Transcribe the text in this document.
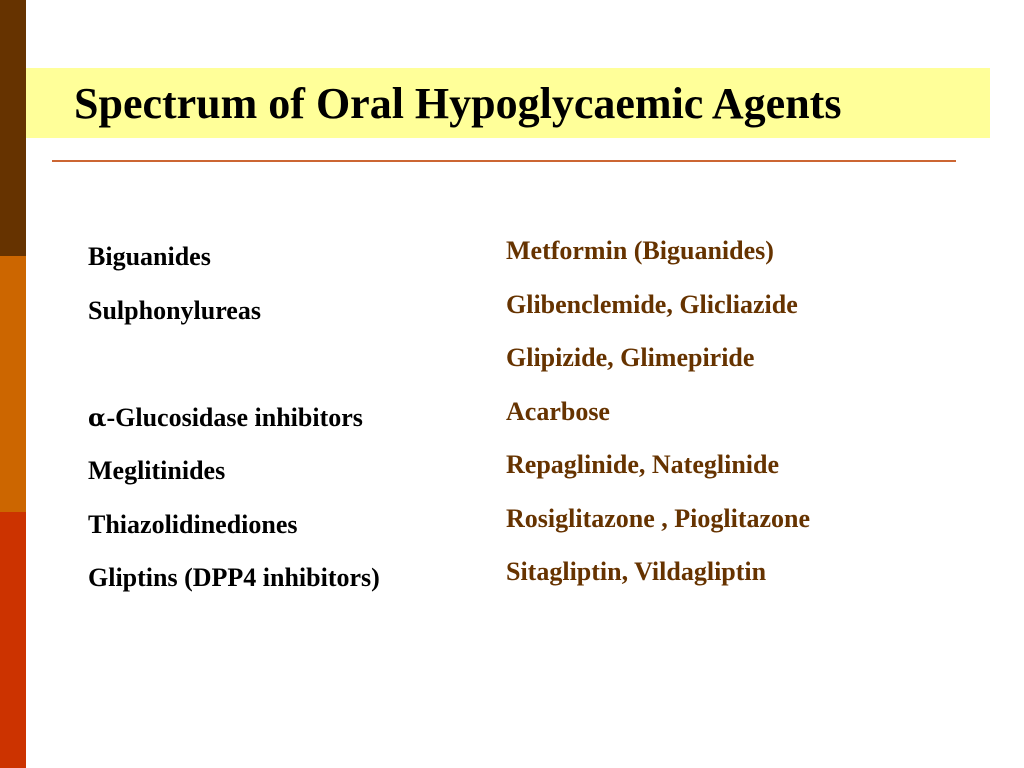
Spectrum of Oral Hypoglycaemic Agents
Biguanides
Sulphonylureas
α-Glucosidase inhibitors
Meglitinides
Thiazolidinediones
Gliptins (DPP4 inhibitors)
Metformin (Biguanides)
Glibenclemide, Glicliazide
Glipizide, Glimepiride
Acarbose
Repaglinide, Nateglinide
Rosiglitazone , Pioglitazone
Sitagliptin, Vildagliptin
